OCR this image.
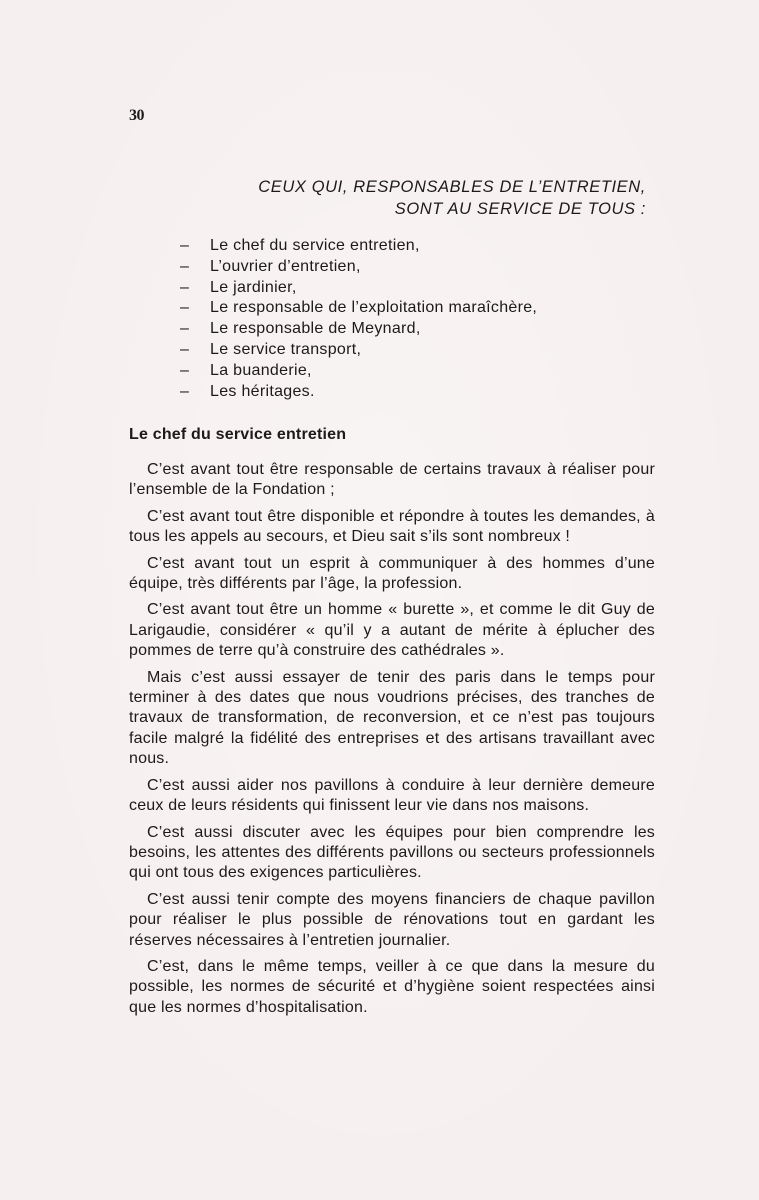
30
CEUX QUI, RESPONSABLES DE L’ENTRETIEN,
SONT AU SERVICE DE TOUS :
– Le chef du service entretien,
– L’ouvrier d’entretien,
– Le jardinier,
– Le responsable de l’exploitation maraîchère,
– Le responsable de Meynard,
– Le service transport,
– La buanderie,
– Les héritages.
Le chef du service entretien

C’est avant tout être responsable de certains travaux à réaliser pour l’ensemble de la Fondation ;

C’est avant tout être disponible et répondre à toutes les demandes, à tous les appels au secours, et Dieu sait s’ils sont nombreux !

C’est avant tout un esprit à communiquer à des hommes d’une équipe, très différents par l’âge, la profession.

C’est avant tout être un homme « burette », et comme le dit Guy de Larigaudie, considérer « qu’il y a autant de mérite à éplucher des pommes de terre qu’à construire des cathédrales ».

Mais c’est aussi essayer de tenir des paris dans le temps pour terminer à des dates que nous voudrions précises, des tranches de travaux de transformation, de reconversion, et ce n’est pas toujours facile malgré la fidélité des entreprises et des artisans travaillant avec nous.

C’est aussi aider nos pavillons à conduire à leur dernière demeure ceux de leurs résidents qui finissent leur vie dans nos maisons.

C’est aussi discuter avec les équipes pour bien comprendre les besoins, les attentes des différents pavillons ou secteurs professionnels qui ont tous des exigences particulières.

C’est aussi tenir compte des moyens financiers de chaque pavillon pour réaliser le plus possible de rénovations tout en gardant les réserves nécessaires à l’entretien journalier.

C’est, dans le même temps, veiller à ce que dans la mesure du possible, les normes de sécurité et d’hygiène soient respectées ainsi que les normes d’hospitalisation.
